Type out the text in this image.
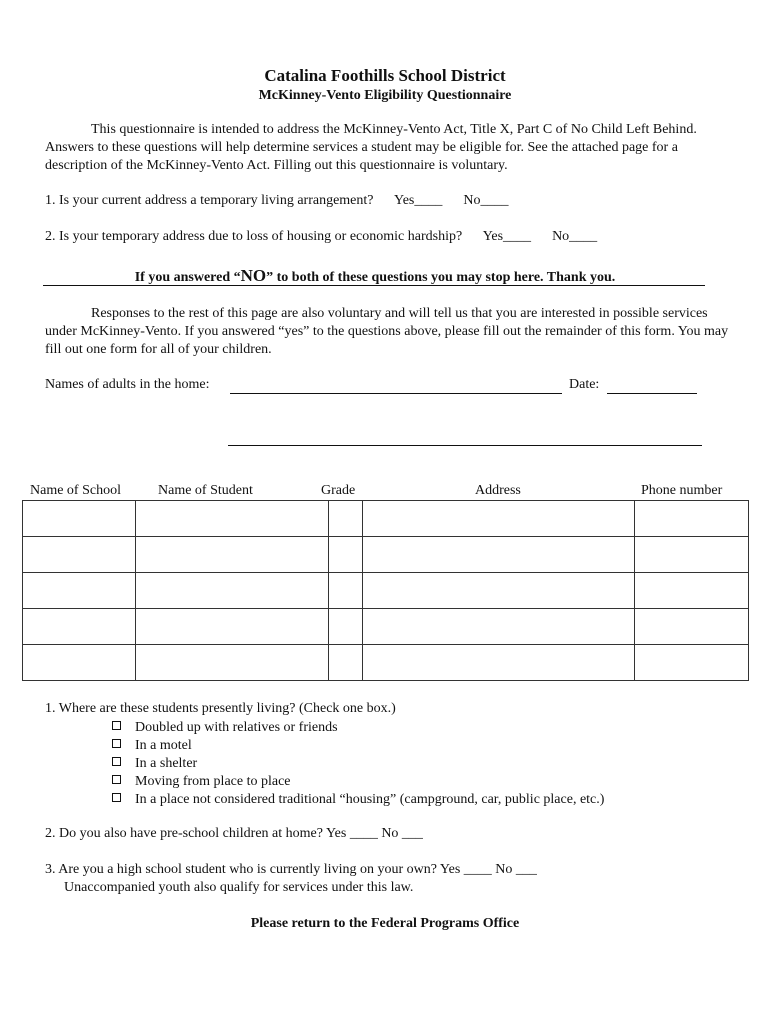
Catalina Foothills School District
McKinney-Vento Eligibility Questionnaire
This questionnaire is intended to address the McKinney-Vento Act, Title X, Part C of No Child Left Behind. Answers to these questions will help determine services a student may be eligible for. See the attached page for a description of the McKinney-Vento Act. Filling out this questionnaire is voluntary.
1. Is your current address a temporary living arrangement? Yes____ No____
2. Is your temporary address due to loss of housing or economic hardship? Yes____ No____
If you answered “NO” to both of these questions you may stop here. Thank you.
Responses to the rest of this page are also voluntary and will tell us that you are interested in possible services under McKinney-Vento. If you answered “yes” to the questions above, please fill out the remainder of this form. You may fill out one form for all of your children.
Names of adults in the home:	Date:
Name of School	Name of Student	Grade	Address	Phone number

1. Where are these students presently living? (Check one box.)
Doubled up with relatives or friends
In a motel
In a shelter
Moving from place to place
In a place not considered traditional “housing” (campground, car, public place, etc.)
2. Do you also have pre-school children at home? Yes ____ No ___
3. Are you a high school student who is currently living on your own? Yes ____ No ___
Unaccompanied youth also qualify for services under this law.
Please return to the Federal Programs Office
